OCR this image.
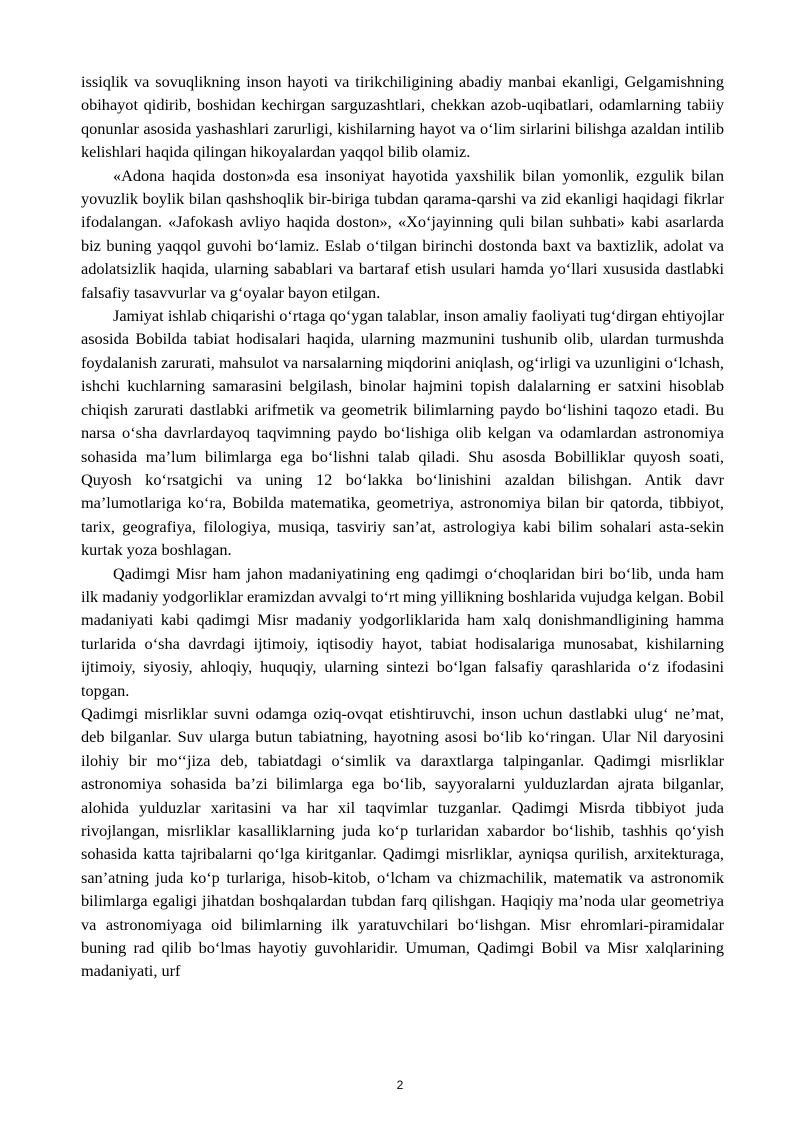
issiqlik va sovuqlikning inson hayoti va tirikchiligining abadiy manbai ekanligi, Gelgamishning obihayot qidirib, boshidan kechirgan sarguzashtlari, chekkan azob-uqibatlari, odamlarning tabiiy qonunlar asosida yashashlari zarurligi, kishilarning hayot va o‘lim sirlarini bilishga azaldan intilib kelishlari haqida qilingan hikoyalardan yaqqol bilib olamiz.

«Adona haqida doston»da esa insoniyat hayotida yaxshilik bilan yomonlik, ezgulik bilan yovuzlik boylik bilan qashshoqlik bir-biriga tubdan qarama-qarshi va zid ekanligi haqidagi fikrlar ifodalangan. «Jafokash avliyo haqida doston», «Xo‘jayinning quli bilan suhbati» kabi asarlarda biz buning yaqqol guvohi bo‘lamiz. Eslab o‘tilgan birinchi dostonda baxt va baxtizlik, adolat va adolatsizlik haqida, ularning sabablari va bartaraf etish usulari hamda yo‘llari xususida dastlabki falsafiy tasavvurlar va g‘oyalar bayon etilgan.

Jamiyat ishlab chiqarishi o‘rtaga qo‘ygan talablar, inson amaliy faoliyati tug‘dirgan ehtiyojlar asosida Bobilda tabiat hodisalari haqida, ularning mazmunini tushunib olib, ulardan turmushda foydalanish zarurati, mahsulot va narsalarning miqdorini aniqlash, og‘irligi va uzunligini o‘lchash, ishchi kuchlarning samarasini belgilash, binolar hajmini topish dalalarning er satxini hisoblab chiqish zarurati dastlabki arifmetik va geometrik bilimlarning paydo bo‘lishini taqozo etadi. Bu narsa o‘sha davrlardayoq taqvimning paydo bo‘lishiga olib kelgan va odamlardan astronomiya sohasida ma’lum bilimlarga ega bo‘lishni talab qiladi. Shu asosda Bobilliklar quyosh soati, Quyosh ko‘rsatgichi va uning 12 bo‘lakka bo‘linishini azaldan bilishgan. Antik davr ma’lumotlariga ko‘ra, Bobilda matematika, geometriya, astronomiya bilan bir qatorda, tibbiyot, tarix, geografiya, filologiya, musiqa, tasviriy san’at, astrologiya kabi bilim sohalari asta-sekin kurtak yoza boshlagan.

Qadimgi Misr ham jahon madaniyatining eng qadimgi o‘choqlaridan biri bo‘lib, unda ham ilk madaniy yodgorliklar eramizdan avvalgi to‘rt ming yillikning boshlarida vujudga kelgan. Bobil madaniyati kabi qadimgi Misr madaniy yodgorliklarida ham xalq donishmandligining hamma turlarida o‘sha davrdagi ijtimoiy, iqtisodiy hayot, tabiat hodisalariga munosabat, kishilarning ijtimoiy, siyosiy, ahloqiy, huquqiy, ularning sintezi bo‘lgan falsafiy qarashlarida o‘z ifodasini topgan.

Qadimgi misrliklar suvni odamga oziq-ovqat etishtiruvchi, inson uchun dastlabki ulug‘ ne’mat, deb bilganlar. Suv ularga butun tabiatning, hayotning asosi bo‘lib ko‘ringan. Ular Nil daryosini ilohiy bir mo‘‘jiza deb, tabiatdagi o‘simlik va daraxtlarga talpinganlar. Qadimgi misrliklar astronomiya sohasida ba’zi bilimlarga ega bo‘lib, sayyoralarni yulduzlardan ajrata bilganlar, alohida yulduzlar xaritasini va har xil taqvimlar tuzganlar. Qadimgi Misrda tibbiyot juda rivojlangan, misrliklar kasalliklarning juda ko‘p turlaridan xabardor bo‘lishib, tashhis qo‘yish sohasida katta tajribalarni qo‘lga kiritganlar. Qadimgi misrliklar, ayniqsa qurilish, arxitekturaga, san’atning juda ko‘p turlariga, hisob-kitob, o‘lcham va chizmachilik, matematik va astronomik bilimlarga egaligi jihatdan boshqalardan tubdan farq qilishgan. Haqiqiy ma’noda ular geometriya va astronomiyaga oid bilimlarning ilk yaratuvchilari bo‘lishgan. Misr ehromlari-piramidalar buning rad qilib bo‘lmas hayotiy guvohlaridir. Umuman, Qadimgi Bobil va Misr xalqlarining madaniyati, urf

2
